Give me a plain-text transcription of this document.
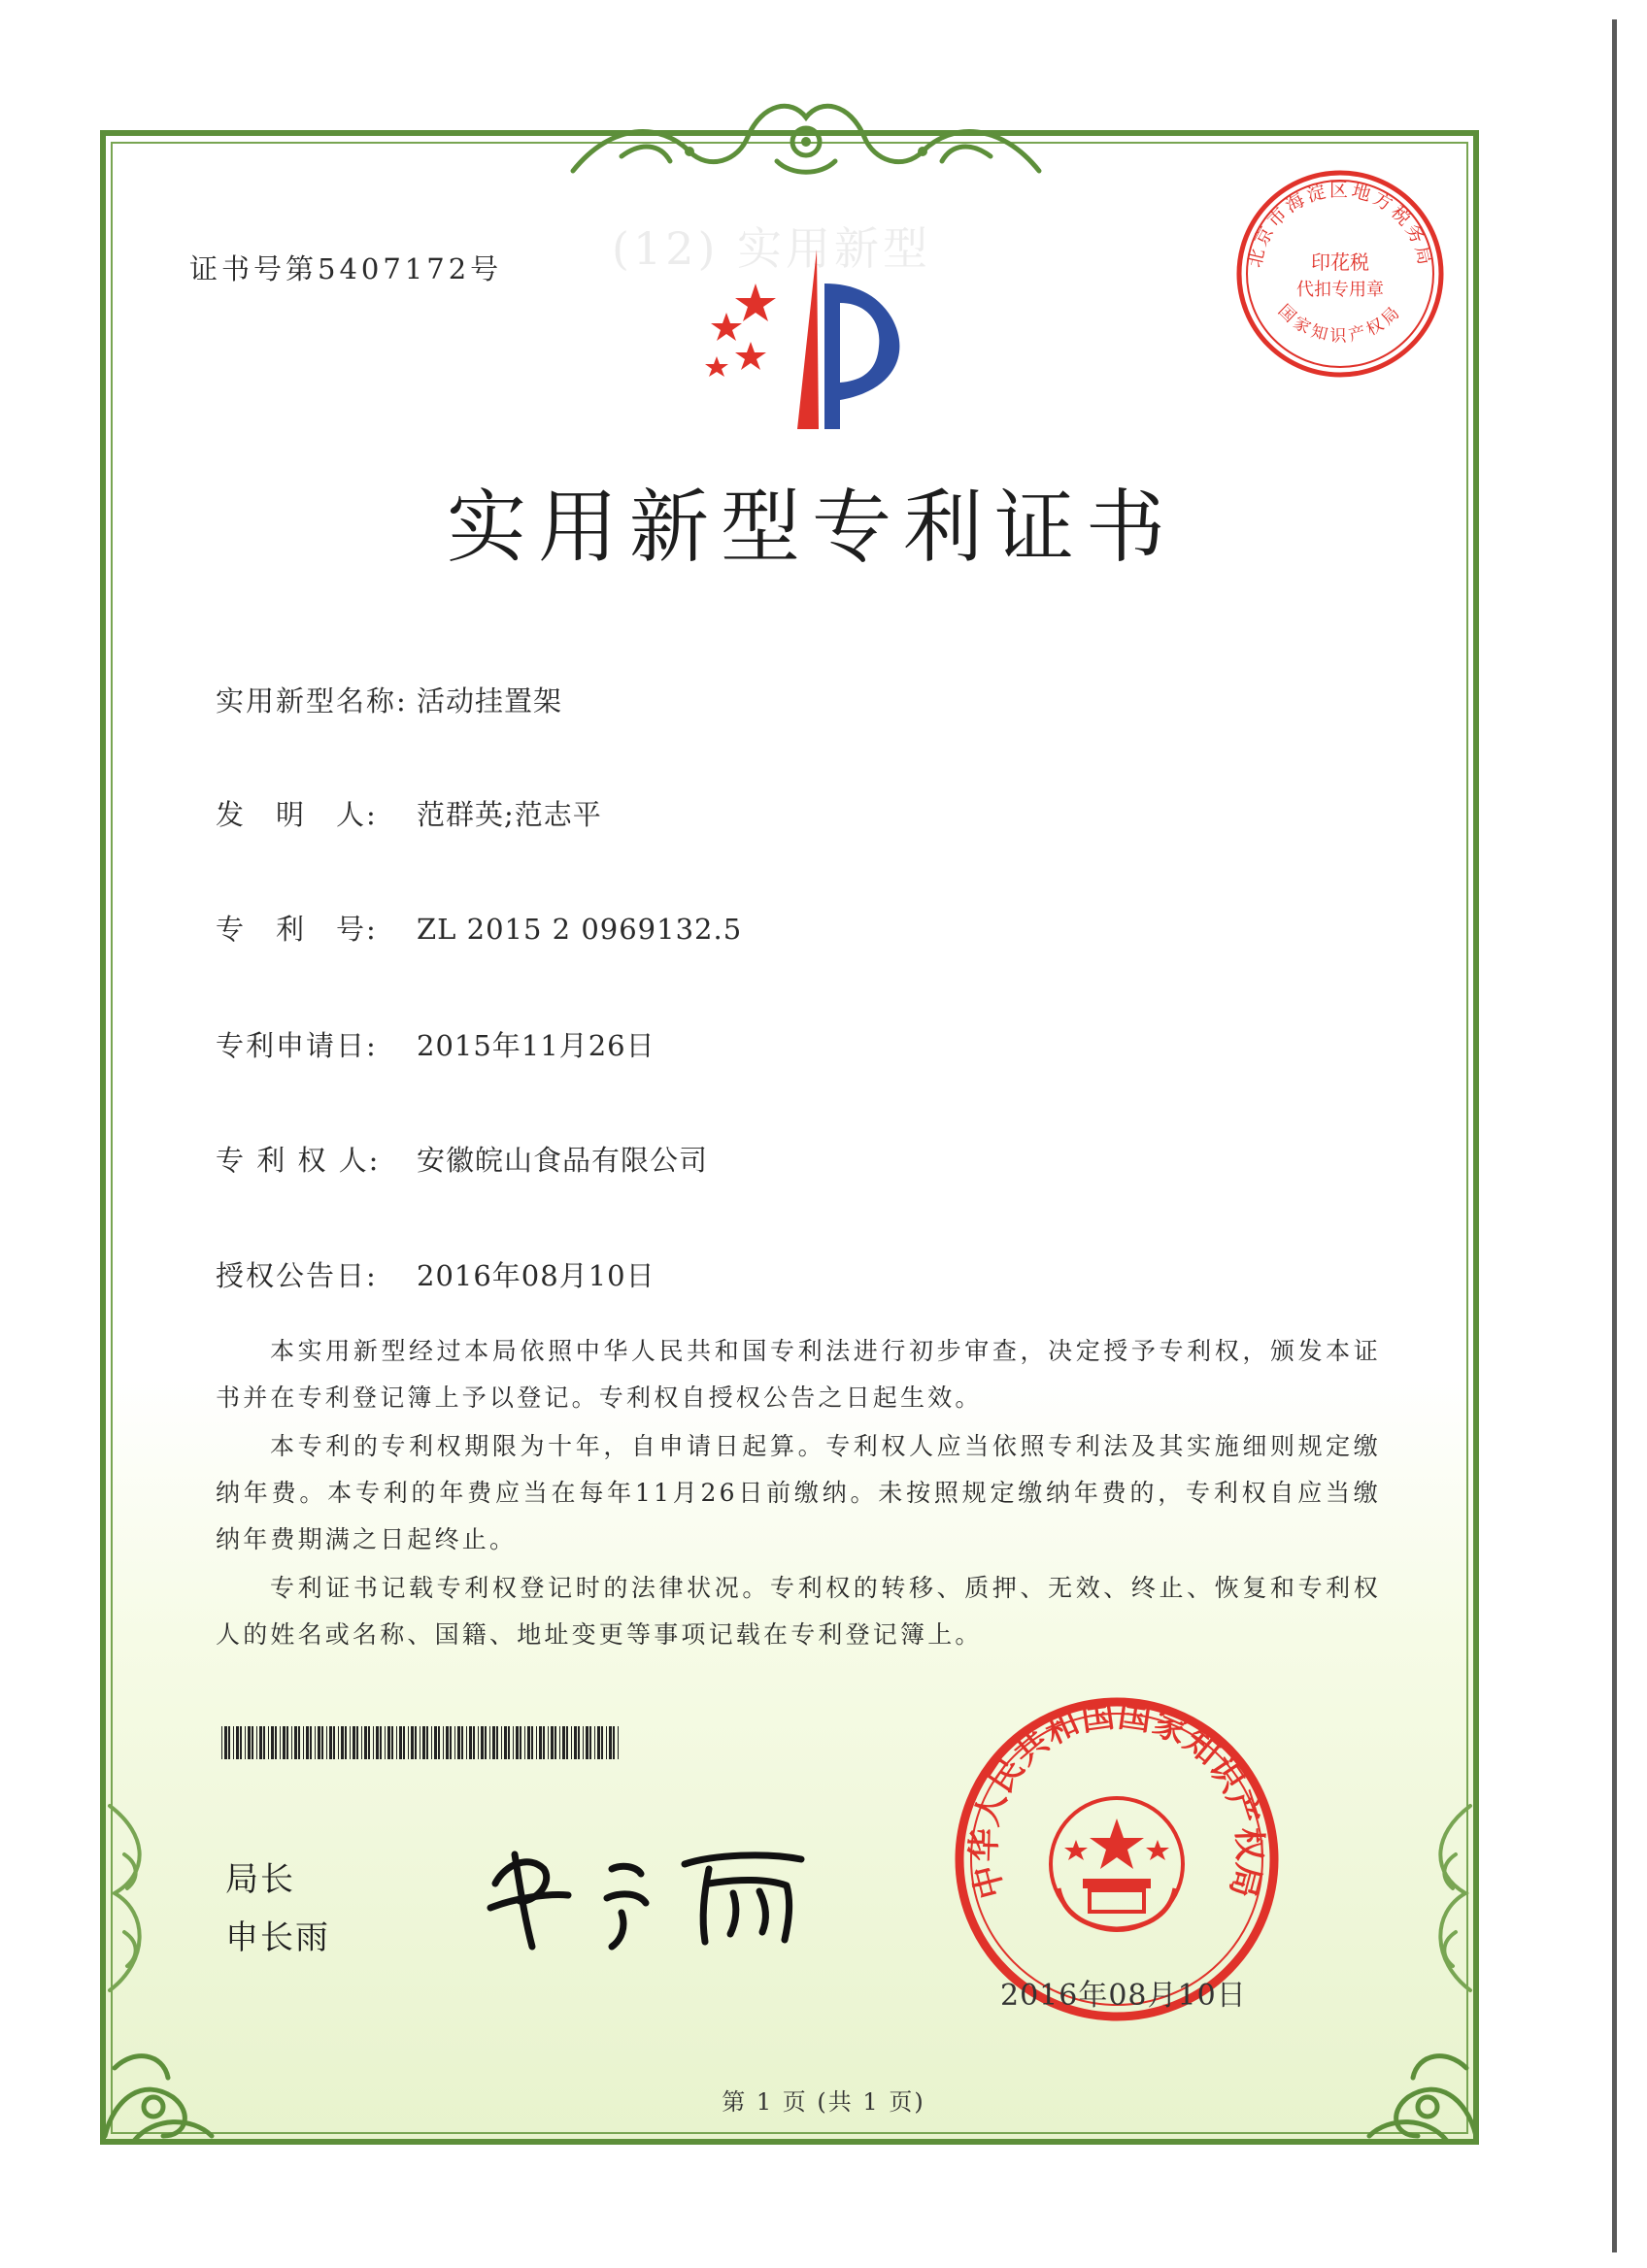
(12) 实用新型
证书号第5407172号
实用新型专利证书
北京市海淀区地方税务局
印花税
代扣专用章
国家知识产权局
实用新型名称: 活动挂置架
发　明　人: 范群英;范志平
专　利　号: ZL 2015 2 0969132.5
专利申请日: 2015年11月26日
专 利 权 人: 安徽皖山食品有限公司
授权公告日: 2016年08月10日
本实用新型经过本局依照中华人民共和国专利法进行初步审查，决定授予专利权，颁发本证书并在专利登记簿上予以登记。专利权自授权公告之日起生效。
本专利的专利权期限为十年，自申请日起算。专利权人应当依照专利法及其实施细则规定缴纳年费。本专利的年费应当在每年11月26日前缴纳。未按照规定缴纳年费的，专利权自应当缴纳年费期满之日起终止。
专利证书记载专利权登记时的法律状况。专利权的转移、质押、无效、终止、恢复和专利权人的姓名或名称、国籍、地址变更等事项记载在专利登记簿上。
局长
申长雨
中华人民共和国国家知识产权局
2016年08月10日
第 1 页 (共 1 页)
